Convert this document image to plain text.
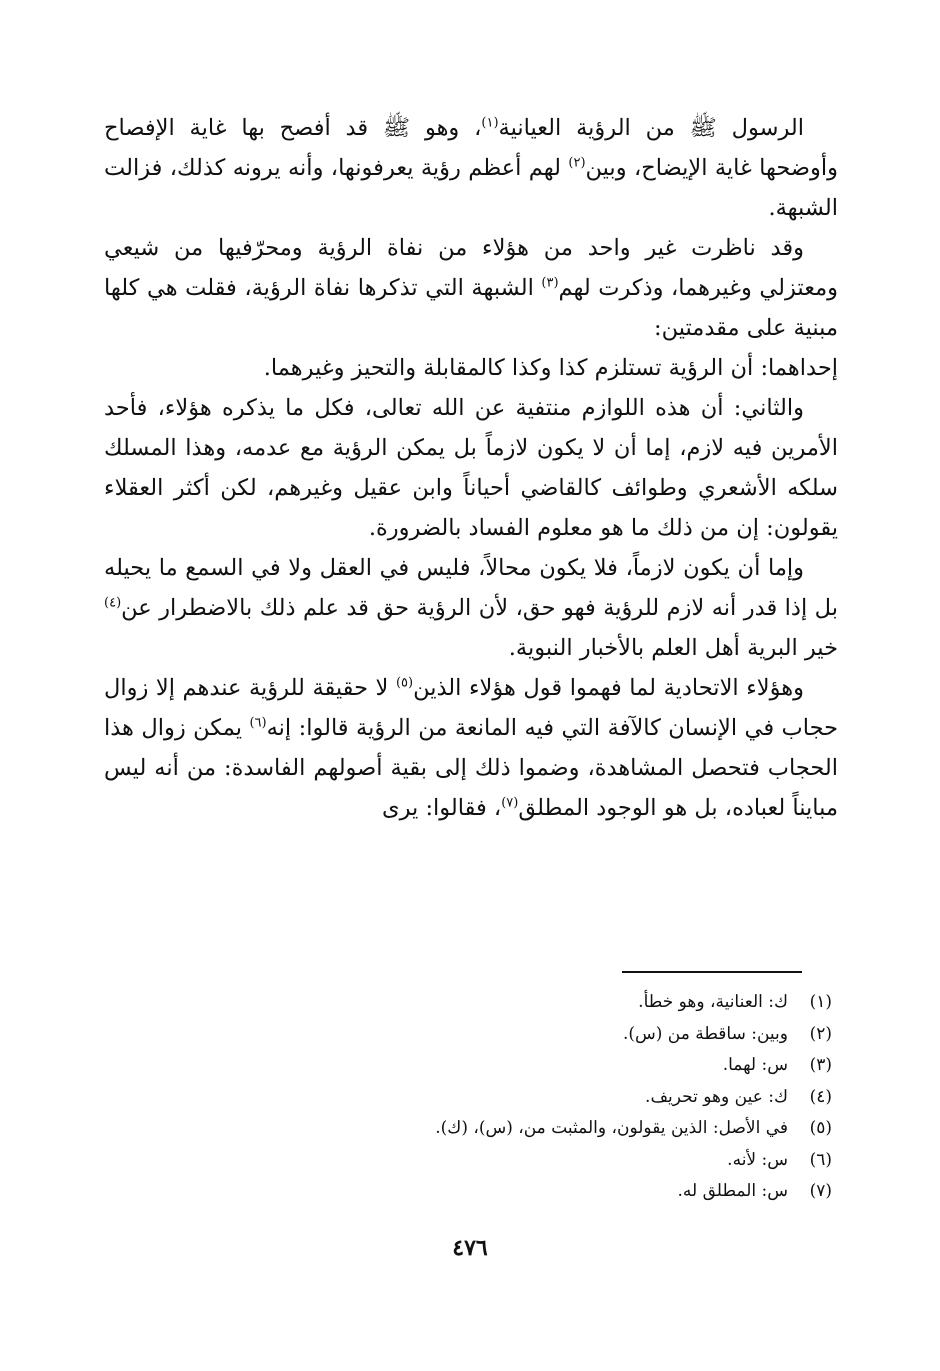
الرسول ﷺ من الرؤية العيانية$^{(١)}$، وهو ﷺ قد أفصح بها غاية الإفصاح وأوضحها غاية الإيضاح، وبين$^{(٢)}$ لهم أعظم رؤية يعرفونها، وأنه يرونه كذلك، فزالت الشبهة.

وقد ناظرت غير واحد من هؤلاء من نفاة الرؤية ومحرّفيها من شيعي ومعتزلي وغيرهما، وذكرت لهم$^{(٣)}$ الشبهة التي تذكرها نفاة الرؤية، فقلت هي كلها مبنية على مقدمتين:

إحداهما: أن الرؤية تستلزم كذا وكذا كالمقابلة والتحيز وغيرهما.

والثاني: أن هذه اللوازم منتفية عن الله تعالى، فكل ما يذكره هؤلاء، فأحد الأمرين فيه لازم، إما أن لا يكون لازماً بل يمكن الرؤية مع عدمه، وهذا المسلك سلكه الأشعري وطوائف كالقاضي أحياناً وابن عقيل وغيرهم، لكن أكثر العقلاء يقولون: إن من ذلك ما هو معلوم الفساد بالضرورة.

وإما أن يكون لازماً، فلا يكون محالاً، فليس في العقل ولا في السمع ما يحيله بل إذا قدر أنه لازم للرؤية فهو حق، لأن الرؤية حق قد علم ذلك بالاضطرار عن$^{(٤)}$ خير البرية أهل العلم بالأخبار النبوية.

وهؤلاء الاتحادية لما فهموا قول هؤلاء الذين$^{(٥)}$ لا حقيقة للرؤية عندهم إلا زوال حجاب في الإنسان كالآفة التي فيه المانعة من الرؤية قالوا: إنه$^{(٦)}$ يمكن زوال هذا الحجاب فتحصل المشاهدة، وضموا ذلك إلى بقية أصولهم الفاسدة: من أنه ليس مبايناً لعباده، بل هو الوجود المطلق$^{(٧)}$، فقالوا: يرى

(١)ك: العنانية، وهو خطأ.
(٢)وبين: ساقطة من (س).
(٣)س: لهما.
(٤)ك: عين وهو تحريف.
(٥)في الأصل: الذين يقولون، والمثبت من، (س)، (ك).
(٦)س: لأنه.
(٧)س: المطلق له.
٤٧٦
